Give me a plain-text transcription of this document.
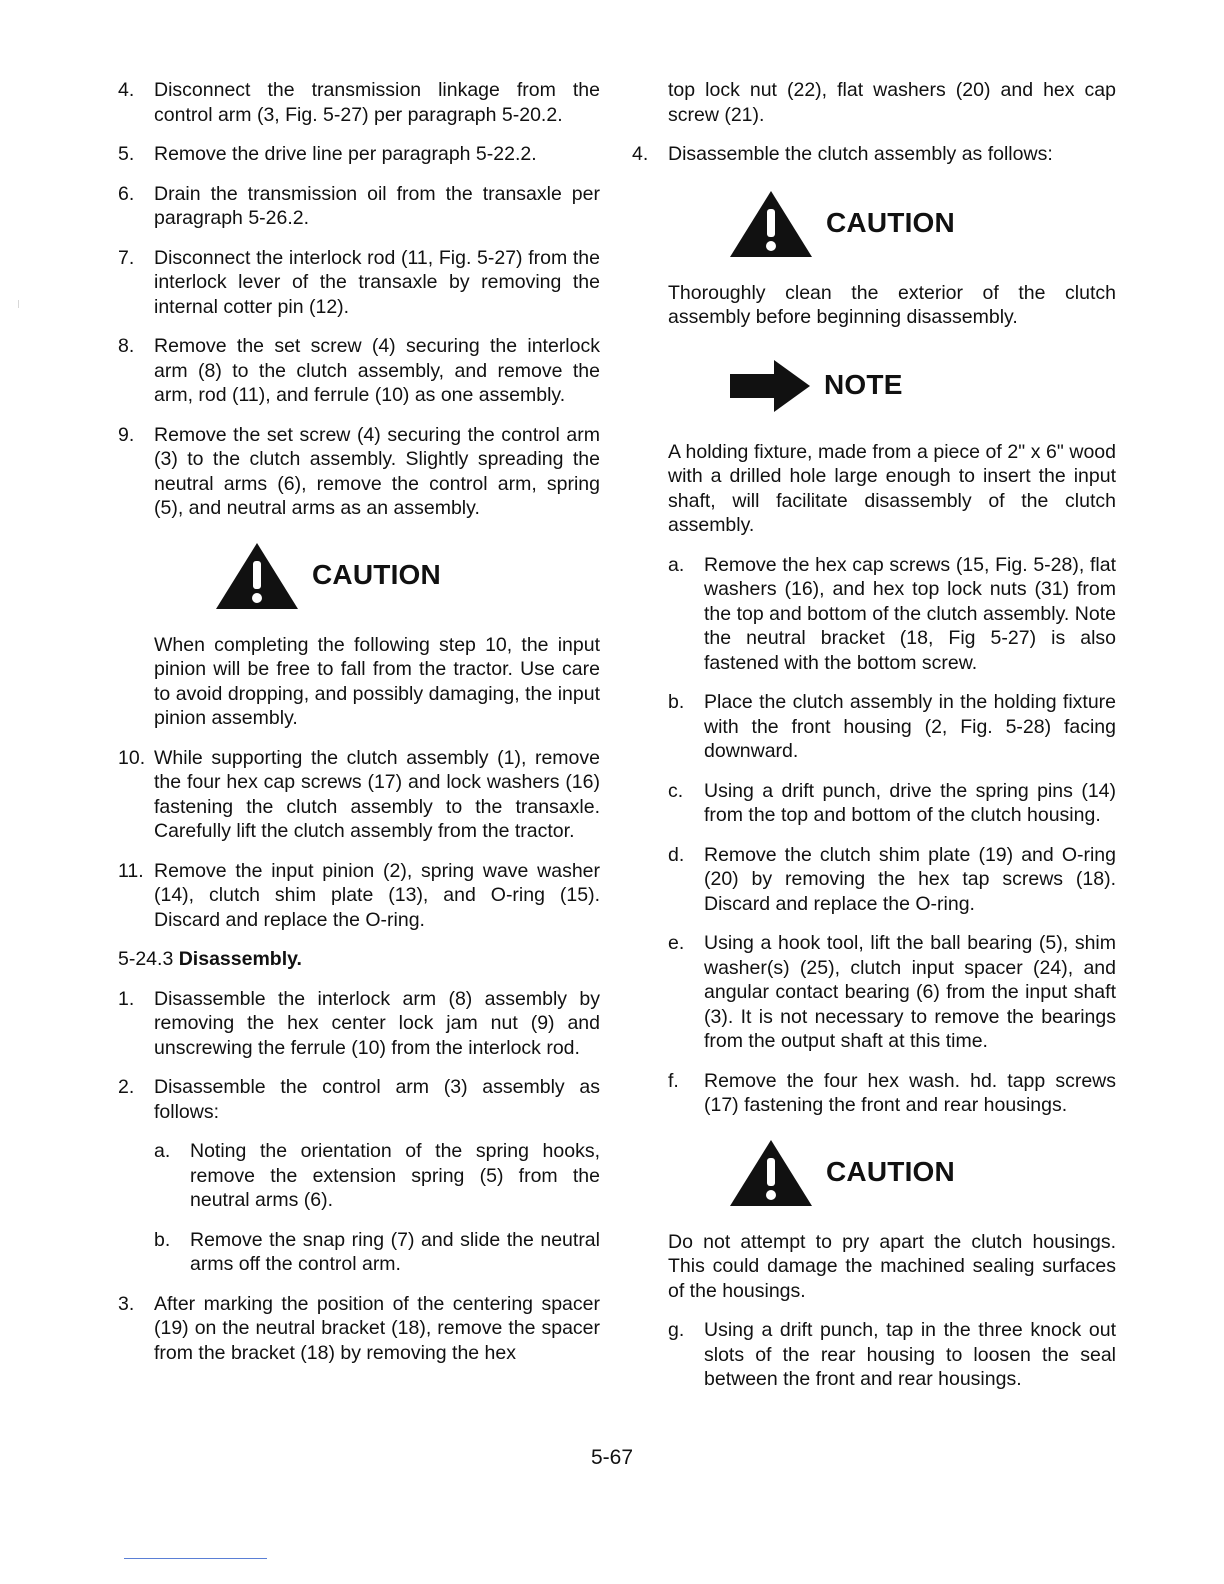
4. Disconnect the transmission linkage from the control arm (3, Fig. 5-27) per paragraph 5-20.2.
5. Remove the drive line per paragraph 5-22.2.
6. Drain the transmission oil from the transaxle per paragraph 5-26.2.
7. Disconnect the interlock rod (11, Fig. 5-27) from the interlock lever of the transaxle by removing the internal cotter pin (12).
8. Remove the set screw (4) securing the interlock arm (8) to the clutch assembly, and remove the arm, rod (11), and ferrule (10) as one assembly.
9. Remove the set screw (4) securing the control arm (3) to the clutch assembly. Slightly spreading the neutral arms (6), remove the control arm, spring (5), and neutral arms as an assembly.
CAUTION

When completing the following step 10, the input pinion will be free to fall from the tractor. Use care to avoid dropping, and possibly damaging, the input pinion assembly.

10. While supporting the clutch assembly (1), remove the four hex cap screws (17) and lock washers (16) fastening the clutch assembly to the transaxle. Carefully lift the clutch assembly from the tractor.
11. Remove the input pinion (2), spring wave washer (14), clutch shim plate (13), and O-ring (15). Discard and replace the O-ring.

5-24.3 Disassembly.

1. Disassemble the interlock arm (8) assembly by removing the hex center lock jam nut (9) and unscrewing the ferrule (10) from the interlock rod.
2. Disassemble the control arm (3) assembly as follows:
a. Noting the orientation of the spring hooks, remove the extension spring (5) from the neutral arms (6).
b. Remove the snap ring (7) and slide the neutral arms off the control arm.
3. After marking the position of the centering spacer (19) on the neutral bracket (18), remove the spacer from the bracket (18) by removing the hex

top lock nut (22), flat washers (20) and hex cap screw (21).

4. Disassemble the clutch assembly as follows:
CAUTION

Thoroughly clean the exterior of the clutch assembly before beginning disassembly.

NOTE

A holding fixture, made from a piece of 2" x 6" wood with a drilled hole large enough to insert the input shaft, will facilitate disassembly of the clutch assembly.

a. Remove the hex cap screws (15, Fig. 5-28), flat washers (16), and hex top lock nuts (31) from the top and bottom of the clutch assembly. Note the neutral bracket (18, Fig 5-27) is also fastened with the bottom screw.
b. Place the clutch assembly in the holding fixture with the front housing (2, Fig. 5-28) facing downward.
c. Using a drift punch, drive the spring pins (14) from the top and bottom of the clutch housing.
d. Remove the clutch shim plate (19) and O-ring (20) by removing the hex tap screws (18). Discard and replace the O-ring.
e. Using a hook tool, lift the ball bearing (5), shim washer(s) (25), clutch input spacer (24), and angular contact bearing (6) from the input shaft (3). It is not necessary to remove the bearings from the output shaft at this time.
f. Remove the four hex wash. hd. tapp screws (17) fastening the front and rear housings.
CAUTION

Do not attempt to pry apart the clutch housings. This could damage the machined sealing surfaces of the housings.

g. Using a drift punch, tap in the three knock out slots of the rear housing to loosen the seal between the front and rear housings.
5-67
